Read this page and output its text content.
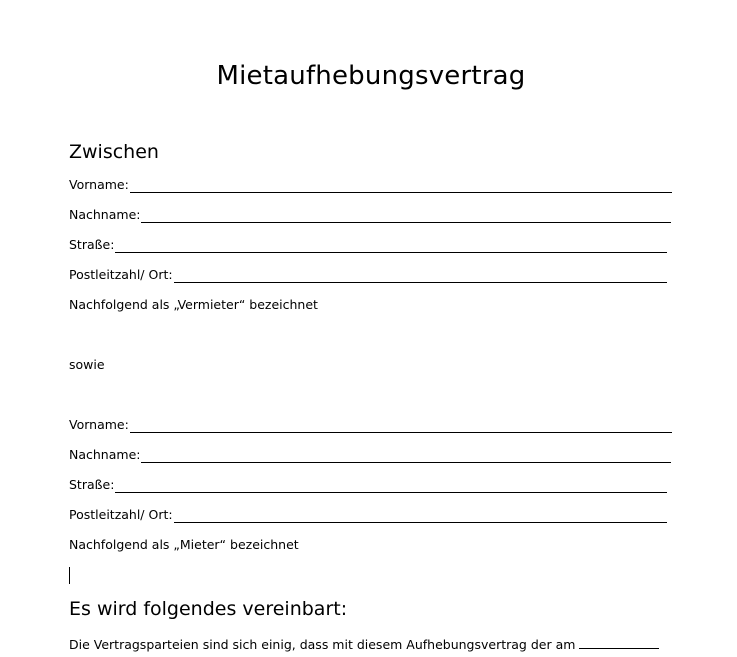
Mietaufhebungsvertrag
Zwischen
Vorname:
Nachname:
Straße:
Postleitzahl/ Ort:
Nachfolgend als „Vermieter“ bezeichnet
sowie
Vorname:
Nachname:
Straße:
Postleitzahl/ Ort:
Nachfolgend als „Mieter“ bezeichnet
Es wird folgendes vereinbart:
Die Vertragsparteien sind sich einig, dass mit diesem Aufhebungsvertrag der am
